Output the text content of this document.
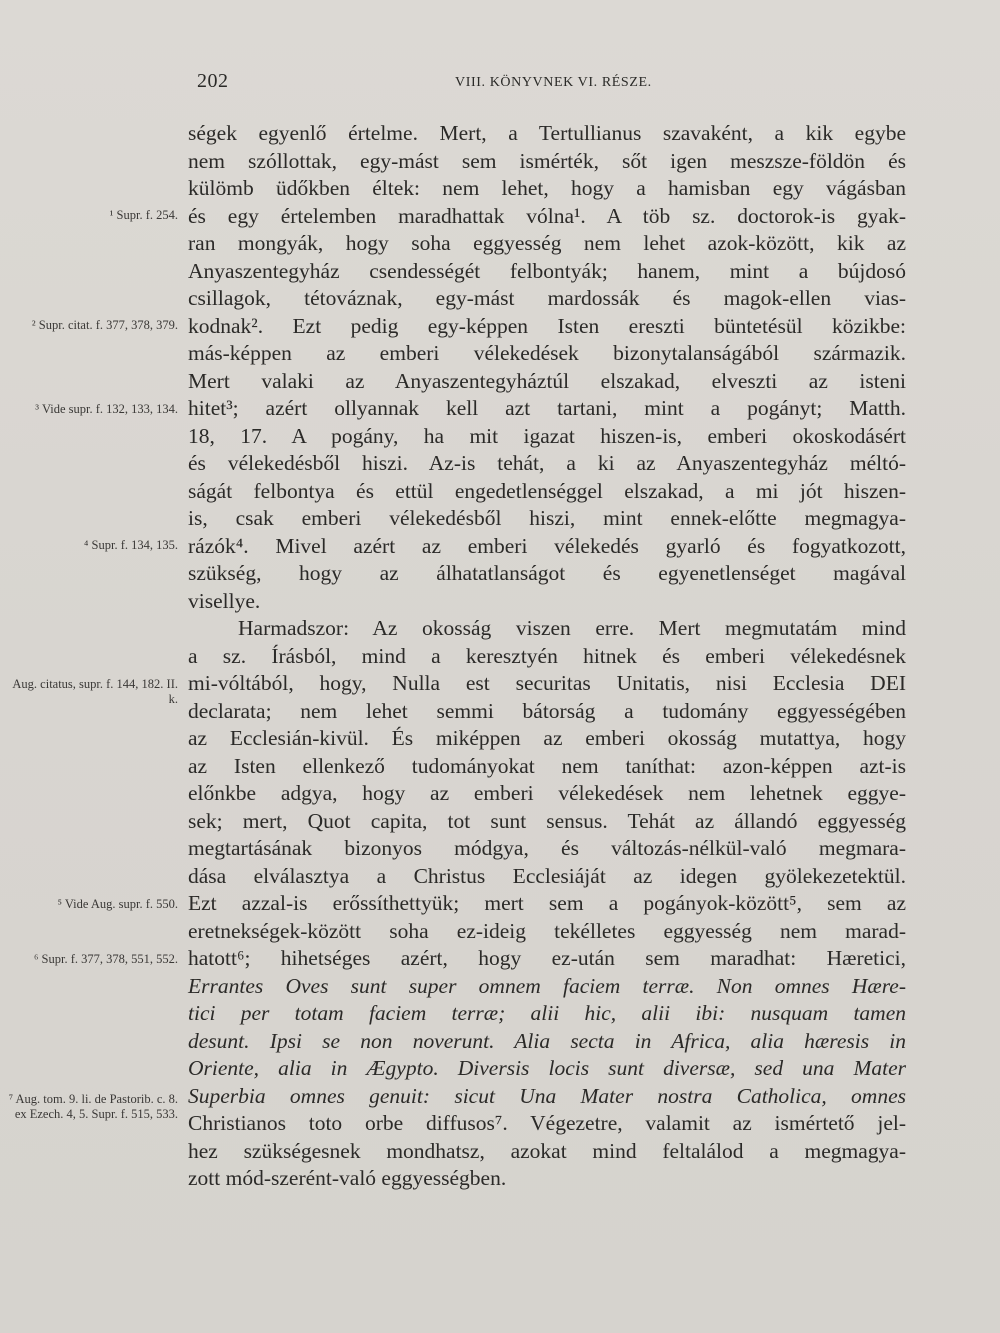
202	VIII. KÖNYVNEK VI. RÉSZE.
¹ Supr. f. 254.
² Supr. citat. f. 377, 378, 379.
³ Vide supr. f. 132, 133, 134.
⁴ Supr. f. 134, 135.
Aug. citatus, supr. f. 144, 182. II. k.
⁵ Vide Aug. supr. f. 550.
⁶ Supr. f. 377, 378, 551, 552.
⁷ Aug. tom. 9. li. de Pastorib. c. 8. ex Ezech. 4, 5. Supr. f. 515, 533.
ségek egyenlő értelme. Mert, a Tertullianus szavaként, a kik egybe
nem szóllottak, egy-mást sem ismérték, sőt igen meszsze-földön és
külömb üdőkben éltek: nem lehet, hogy a hamisban egy vágásban
és egy értelemben maradhattak vólna¹. A töb sz. doctorok-is gyak-
ran mongyák, hogy soha eggyesség nem lehet azok-között, kik az
Anyaszentegyház csendességét felbontyák; hanem, mint a bújdosó
csillagok, tétováznak, egy-mást mardossák és magok-ellen vias-
kodnak². Ezt pedig egy-képpen Isten ereszti büntetésül közikbe:
más-képpen az emberi vélekedések bizonytalanságából származik.
Mert valaki az Anyaszentegyháztúl elszakad, elveszti az isteni
hitet³; azért ollyannak kell azt tartani, mint a pogányt; Matth.
18, 17. A pogány, ha mit igazat hiszen-is, emberi okoskodásért
és vélekedésből hiszi. Az-is tehát, a ki az Anyaszentegyház méltó-
ságát felbontya és ettül engedetlenséggel elszakad, a mi jót hiszen-
is, csak emberi vélekedésből hiszi, mint ennek-előtte megmagya-
rázók⁴. Mivel azért az emberi vélekedés gyarló és fogyatkozott,
szükség, hogy az álhatatlanságot és egyenetlenséget magával
visellye.
Harmadszor: Az okosság viszen erre. Mert megmutatám mind
a sz. Írásból, mind a keresztyén hitnek és emberi vélekedésnek
mi-vóltából, hogy, Nulla est securitas Unitatis, nisi Ecclesia DEI
declarata; nem lehet semmi bátorság a tudomány eggyességében
az Ecclesián-kivül. És miképpen az emberi okosság mutattya, hogy
az Isten ellenkező tudományokat nem taníthat: azon-képpen azt-is
előnkbe adgya, hogy az emberi vélekedések nem lehetnek eggye-
sek; mert, Quot capita, tot sunt sensus. Tehát az állandó eggyesség
megtartásának bizonyos módgya, és változás-nélkül-való megmara-
dása elválasztya a Christus Ecclesiáját az idegen gyölekezetektül.
Ezt azzal-is erőssíthettyük; mert sem a pogányok-között⁵, sem az
eretnekségek-között soha ez-ideig tekélletes eggyesség nem marad-
hatott⁶; hihetséges azért, hogy ez-után sem maradhat: Hæretici,
Errantes Oves sunt super omnem faciem terræ. Non omnes Hære-
tici per totam faciem terræ; alii hic, alii ibi: nusquam tamen
desunt. Ipsi se non noverunt. Alia secta in Africa, alia hæresis in
Oriente, alia in Ægypto. Diversis locis sunt diversæ, sed una Mater
Superbia omnes genuit: sicut Una Mater nostra Catholica, omnes
Christianos toto orbe diffusos⁷. Végezetre, valamit az ismértető jel-
hez szükségesnek mondhatsz, azokat mind feltalálod a megmagya-
zott mód-szerént-való eggyességben.
